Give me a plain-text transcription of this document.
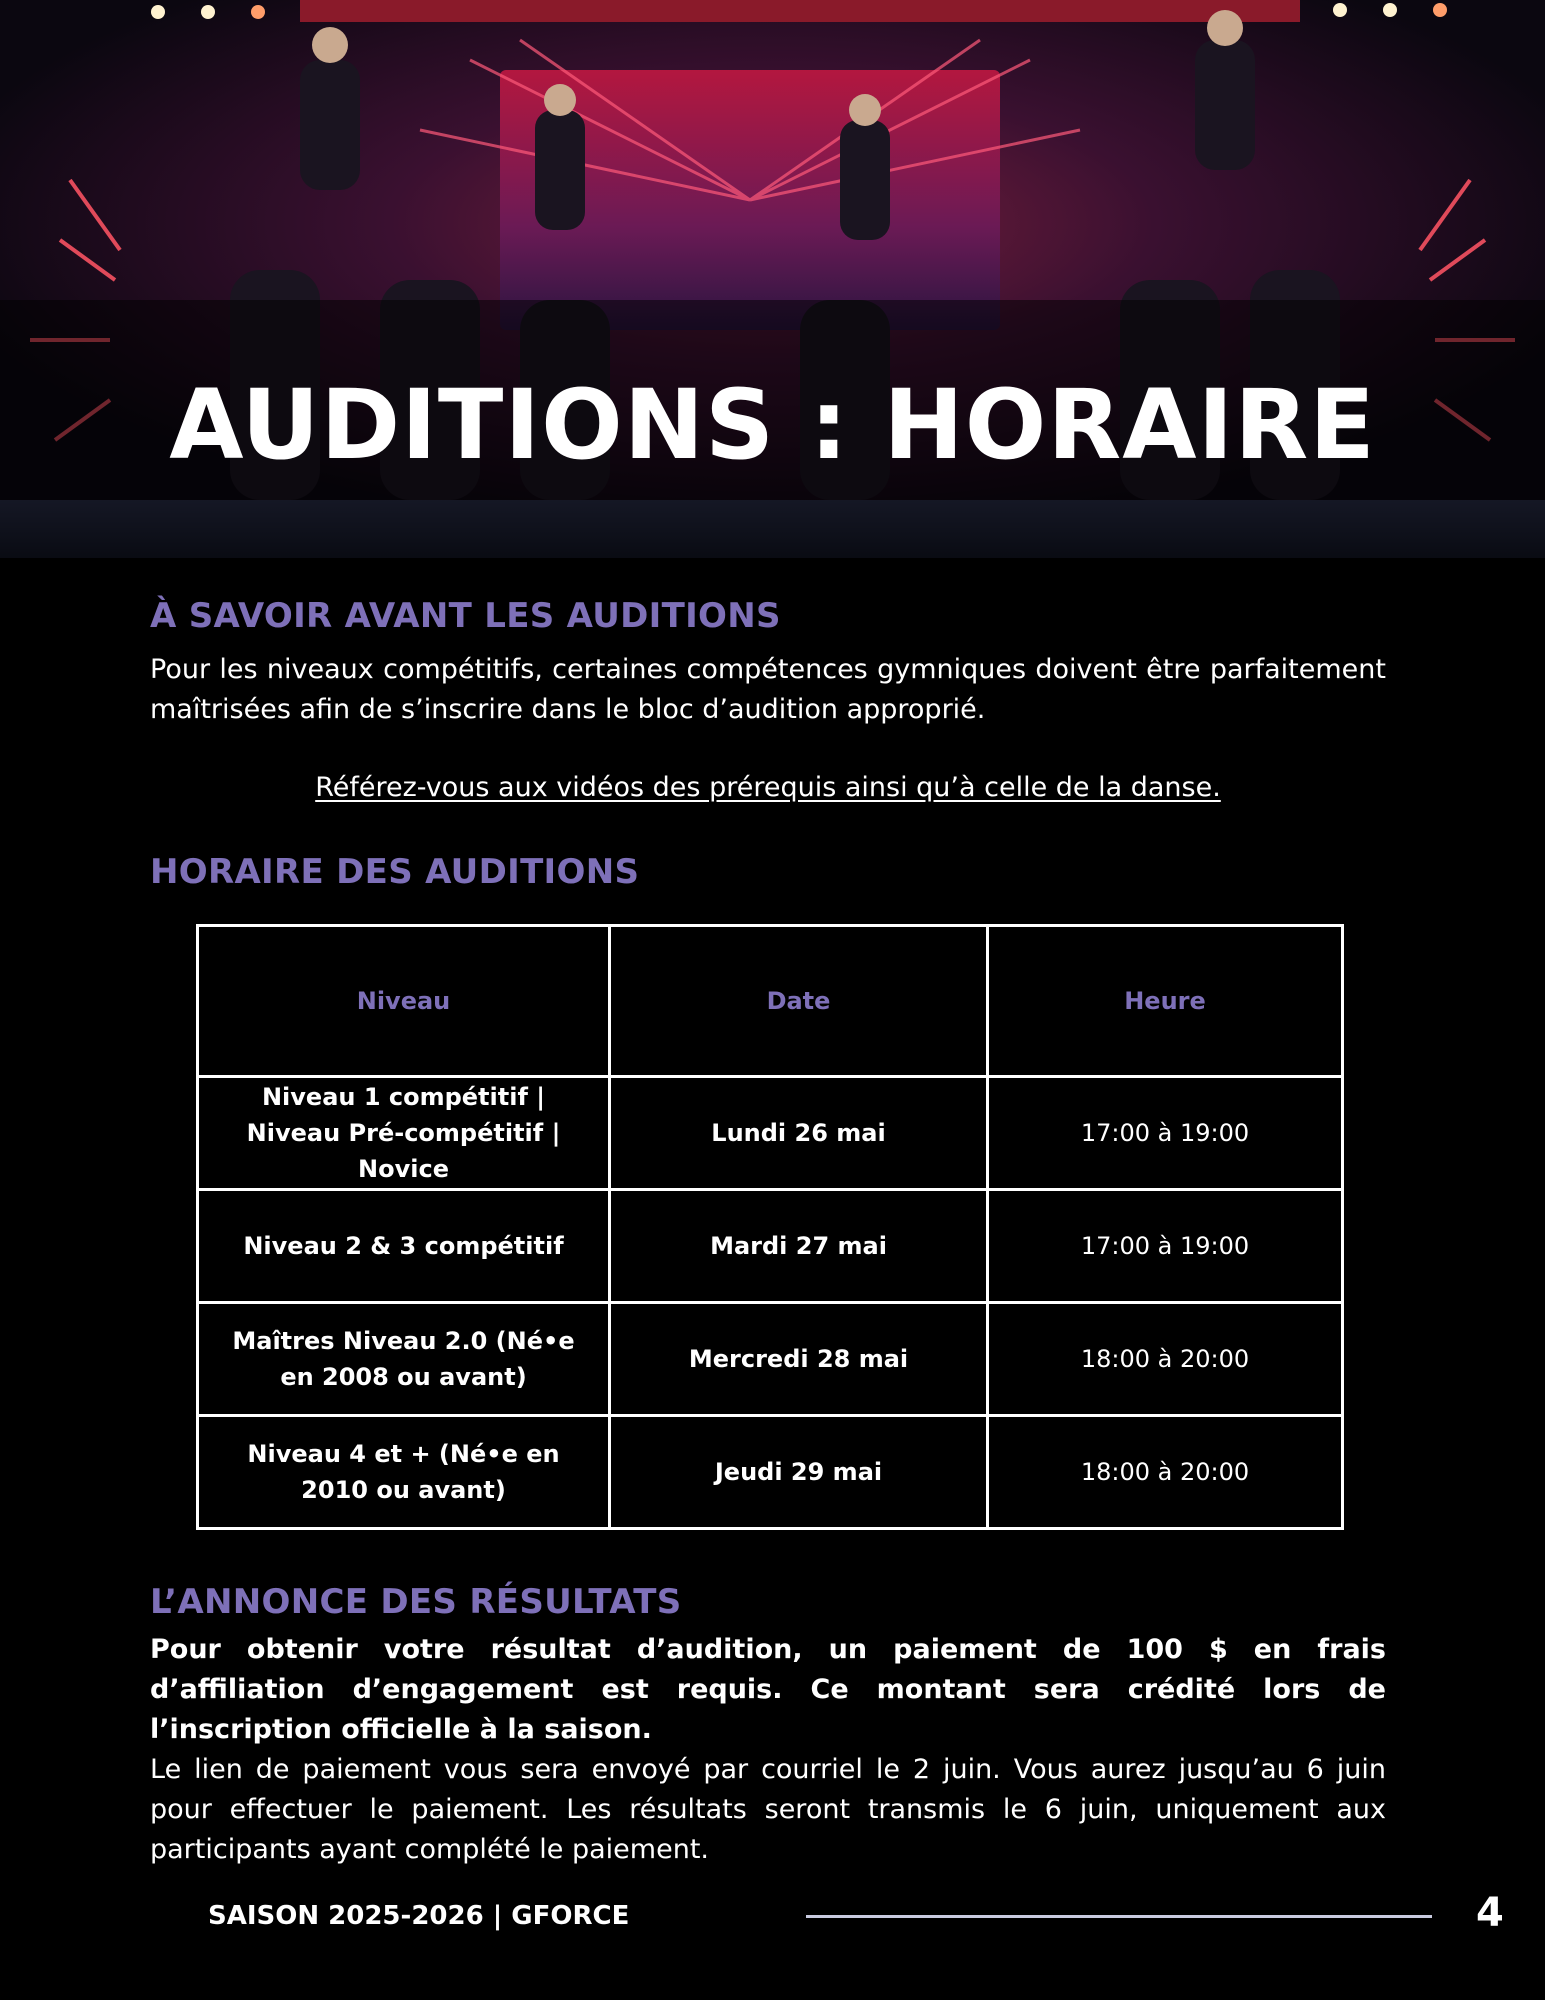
AUDITIONS : HORAIRE
À SAVOIR AVANT LES AUDITIONS

Pour les niveaux compétitifs, certaines compétences gymniques doivent être parfaitement maîtrisées afin de s’inscrire dans le bloc d’audition approprié.

Référez-vous aux vidéos des prérequis ainsi qu’à celle de la danse.

HORAIRE DES AUDITIONS
Niveau	Date	Heure
Niveau 1 compétitif | Niveau Pré-compétitif | Novice	Lundi 26 mai	17:00 à 19:00
Niveau 2 & 3 compétitif	Mardi 27 mai	17:00 à 19:00
Maîtres Niveau 2.0 (Né•e en 2008 ou avant)	Mercredi 28 mai	18:00 à 20:00
Niveau 4 et + (Né•e en 2010 ou avant)	Jeudi 29 mai	18:00 à 20:00
L’ANNONCE DES RÉSULTATS

Pour obtenir votre résultat d’audition, un paiement de 100 $ en frais d’affiliation d’engagement est requis. Ce montant sera crédité lors de l’inscription officielle à la saison.

Le lien de paiement vous sera envoyé par courriel le 2 juin. Vous aurez jusqu’au 6 juin pour effectuer le paiement. Les résultats seront transmis le 6 juin, uniquement aux participants ayant complété le paiement.

SAISON 2025-2026 | GFORCE	4
